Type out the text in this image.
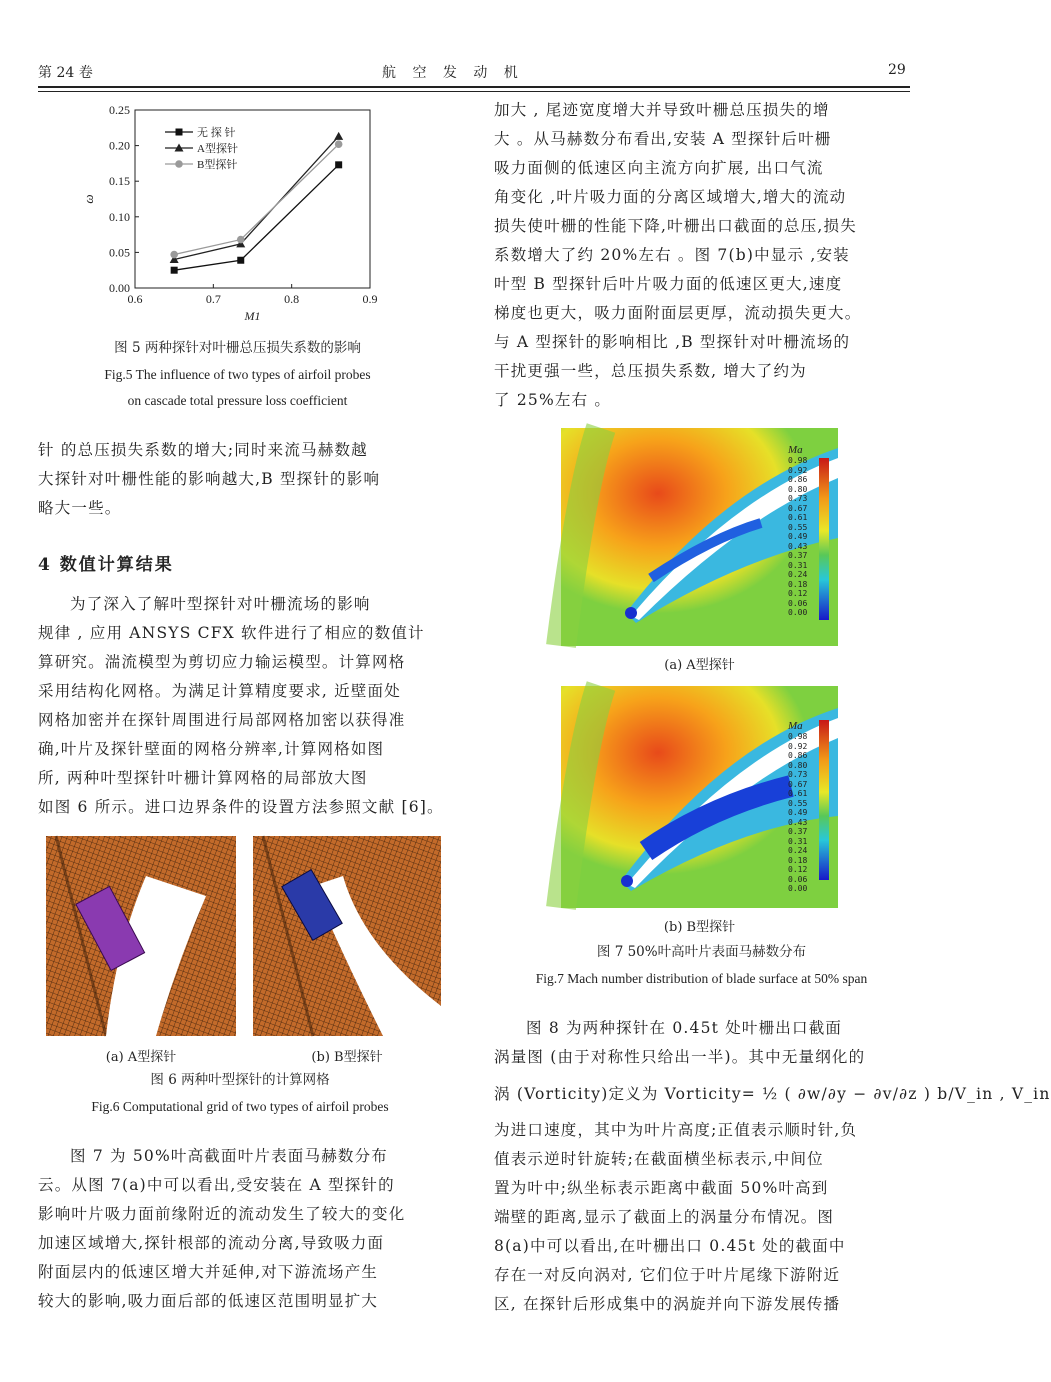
第 24 卷	航 空 发 动 机	29
0.6	0.7	0.8	0.9
0.00
0.05
0.10
0.15
0.20
0.25
M1
ω
无 探 针
A型探针
B型探针
图 5 两种探针对叶栅总压损失系数的影响
Fig.5 The influence of two types of airfoil probes
on cascade total pressure loss coefficient

针 的总压损失系数的增大;同时来流马赫数越

大探针对叶栅性能的影响越大,B 型探针的影响

略大一些。

4 数值计算结果

为了深入了解叶型探针对叶栅流场的影响

规律 , 应用 ANSYS CFX 软件进行了相应的数值计

算研究。湍流模型为剪切应力输运模型。计算网格

采用结构化网格。为满足计算精度要求, 近壁面处

网格加密并在探针周围进行局部网格加密以获得准

确,叶片及探针壁面的网格分辨率,计算网格如图

所, 两种叶型探针叶栅计算网格的局部放大图

如图 6 所示。进口边界条件的设置方法参照文献 [6]。

(a) A型探针	(b) B型探针
图 6 两种叶型探针的计算网格
Fig.6 Computational grid of two types of airfoil probes

图 7 为 50%叶高截面叶片表面马赫数分布

云。从图 7(a)中可以看出,受安装在 A 型探针的

影响叶片吸力面前缘附近的流动发生了较大的变化

加速区域增大,探针根部的流动分离,导致吸力面

附面层内的低速区增大并延伸,对下游流场产生

较大的影响,吸力面后部的低速区范围明显扩大

加大 , 尾迹宽度增大并导致叶栅总压损失的增

大 。从马赫数分布看出,安装 A 型探针后叶栅

吸力面侧的低速区向主流方向扩展, 出口气流

角变化 ,叶片吸力面的分离区域增大,增大的流动

损失使叶栅的性能下降,叶栅出口截面的总压,损失

系数增大了约 20%左右 。图 7(b)中显示 ,安装

叶型 B 型探针后叶片吸力面的低速区更大,速度

梯度也更大，吸力面附面层更厚，流动损失更大。

与 A 型探针的影响相比 ,B 型探针对叶栅流场的

干扰更强一些，总压损失系数, 增大了约为

了 25%左右 。

Ma
0.98
0.92
0.86
0.80
0.73
0.67
0.61
0.55
0.49
0.43
0.37
0.31
0.24
0.18
0.12
0.06
0.00
Ma
0.98
0.92
0.86
0.80
0.73
0.67
0.61
0.55
0.49
0.43
0.37
0.31
0.24
0.18
0.12
0.06
0.00
(a) A型探针
(b) B型探针
图 7 50%叶高叶片表面马赫数分布
Fig.7 Mach number distribution of blade surface at 50% span

图 8 为两种探针在 0.45t 处叶栅出口截面

涡量图 (由于对称性只给出一半)。其中无量纲化的

涡 (Vorticity)定义为 Vorticity= ½ ( ∂w/∂y − ∂v/∂z ) b/V_in , V_in

为进口速度，其中为叶片高度;正值表示顺时针,负

值表示逆时针旋转;在截面横坐标表示,中间位

置为叶中;纵坐标表示距离中截面 50%叶高到

端壁的距离,显示了截面上的涡量分布情况。图

8(a)中可以看出,在叶栅出口 0.45t 处的截面中

存在一对反向涡对, 它们位于叶片尾缘下游附近

区, 在探针后形成集中的涡旋并向下游发展传播
